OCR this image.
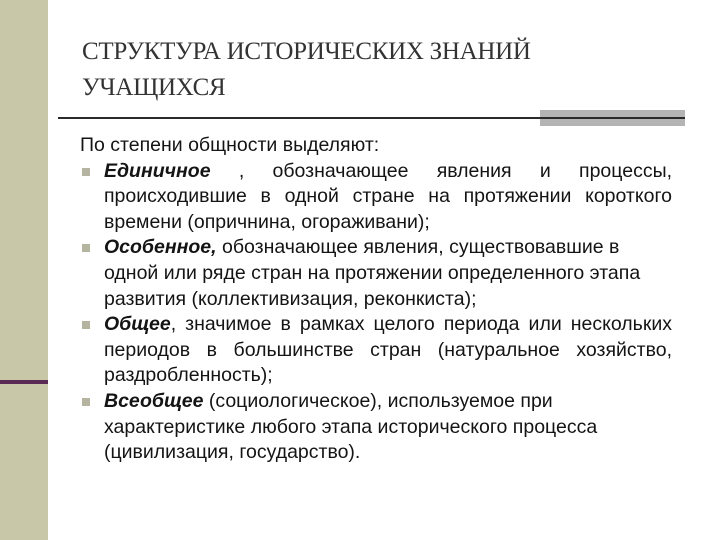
СТРУКТУРА ИСТОРИЧЕСКИХ ЗНАНИЙ
УЧАЩИХСЯ

По степени общности выделяют:

Единичное , обозначающее явления и процессы, происходившие в одной стране на протяжении короткого времени (опричнина, огораживани);
Особенное, обозначающее явления, существовавшие в одной или ряде стран на протяжении определенного этапа развития (коллективизация, реконкиста);
Общее, значимое в рамках целого периода или нескольких периодов в большинстве стран (натуральное хозяйство, раздробленность);
Всеобщее (социологическое), используемое при характеристике любого этапа исторического процесса (цивилизация, государство).
